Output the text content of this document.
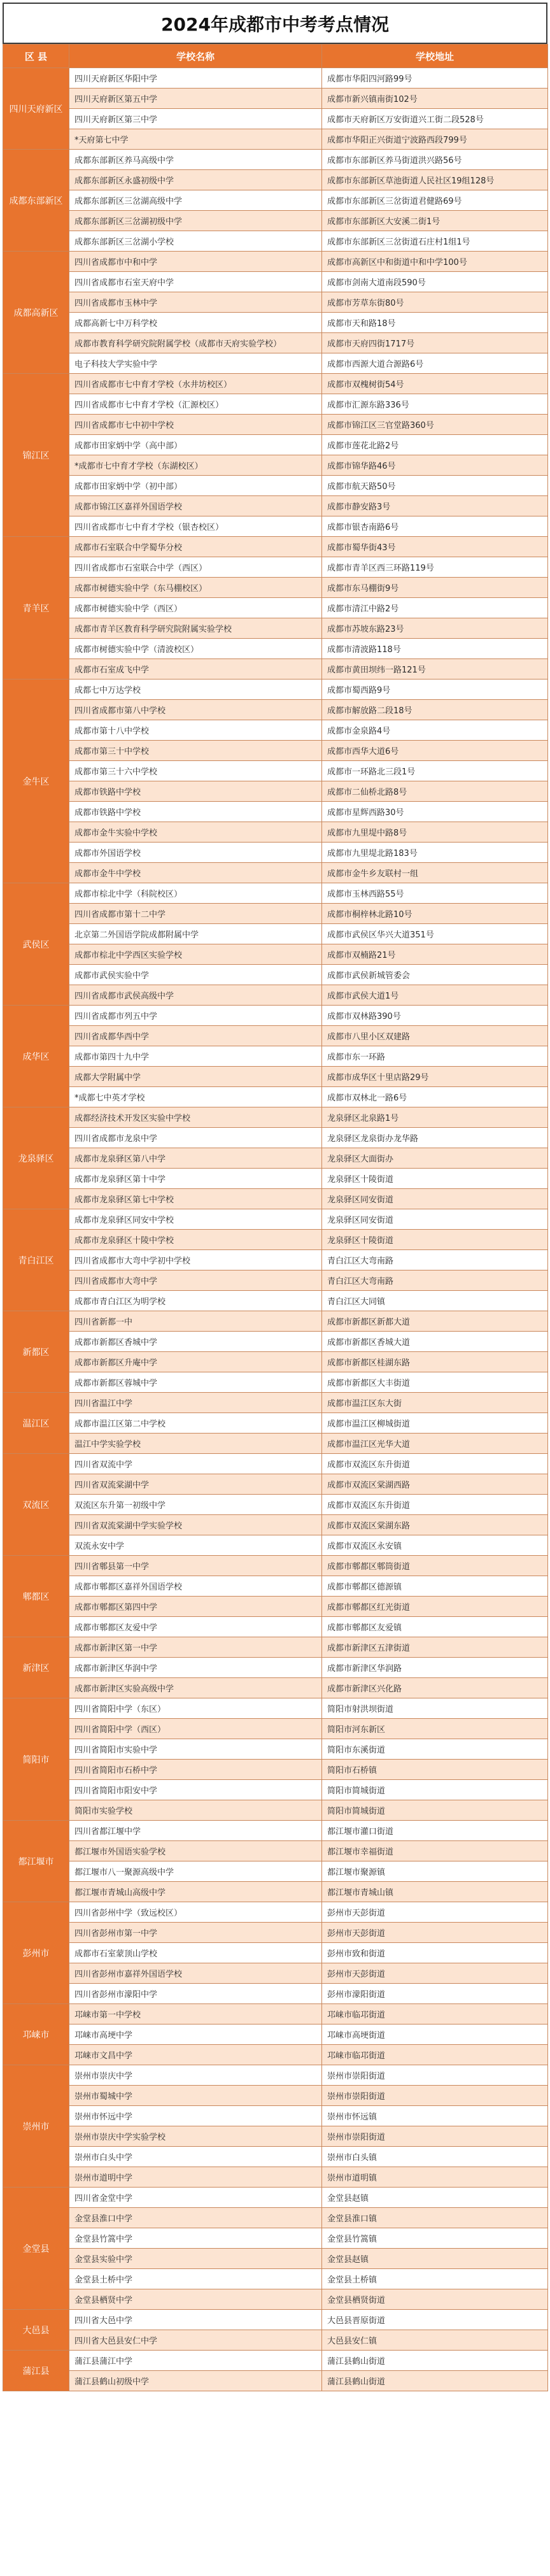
2024年成都市中考考点情况
区 县	学校名称	学校地址
四川天府新区	四川天府新区华阳中学	成都市华阳四河路99号
	四川天府新区第五中学	成都市新兴镇南街102号
	四川天府新区第三中学	成都市天府新区万安街道兴工街二段528号
	*天府第七中学	成都市华阳正兴街道宁波路西段799号
成都东部新区	成都东部新区养马高级中学	成都市东部新区养马街道洪兴路56号
	成都东部新区永盛初级中学	成都市东部新区草池街道人民社区19组128号
	成都东部新区三岔湖高级中学	成都市东部新区三岔街道君健路69号
	成都东部新区三岔湖初级中学	成都市东部新区大安溪二街1号
	成都东部新区三岔湖小学校	成都市东部新区三岔街道石庄村1组1号
成都高新区	四川省成都市中和中学	成都市高新区中和街道中和中学100号
	四川省成都市石室天府中学	成都市剑南大道南段590号
	四川省成都市玉林中学	成都市芳草东街80号
	成都高新七中万科学校	成都市天和路18号
	成都市教育科学研究院附属学校（成都市天府实验学校）	成都市天府四街1717号
	电子科技大学实验中学	成都市西源大道合源路6号
锦江区	四川省成都市七中育才学校（水井坊校区）	成都市双槐树街54号
	四川省成都市七中育才学校（汇源校区）	成都市汇源东路336号
	四川省成都市七中初中学校	成都市锦江区三官堂路360号
	成都市田家炳中学（高中部）	成都市莲花北路2号
	*成都市七中育才学校（东湖校区）	成都市锦华路46号
	成都市田家炳中学（初中部）	成都市航天路50号
	成都市锦江区嘉祥外国语学校	成都市静安路3号
	四川省成都市七中育才学校（银杏校区）	成都市银杏南路6号
青羊区	成都市石室联合中学蜀华分校	成都市蜀华街43号
	四川省成都市石室联合中学（西区）	成都市青羊区西三环路119号
	成都市树德实验中学（东马棚校区）	成都市东马棚街9号
	成都市树德实验中学（西区）	成都市清江中路2号
	成都市青羊区教育科学研究院附属实验学校	成都市苏坡东路23号
	成都市树德实验中学（清波校区）	成都市清波路118号
	成都市石室成飞中学	成都市黄田坝纬一路121号
金牛区	成都七中万达学校	成都市蜀西路9号
	四川省成都市第八中学校	成都市解放路二段18号
	成都市第十八中学校	成都市金泉路4号
	成都市第三十中学校	成都市西华大道6号
	成都市第三十六中学校	成都市一环路北三段1号
	成都市铁路中学校	成都市二仙桥北路8号
	成都市铁路中学校	成都市星辉西路30号
	成都市金牛实验中学校	成都市九里堤中路8号
	成都市外国语学校	成都市九里堤北路183号
	成都市金牛中学校	成都市金牛乡友联村一组
武侯区	成都市棕北中学（科院校区）	成都市玉林西路55号
	四川省成都市第十二中学	成都市桐梓林北路10号
	北京第二外国语学院成都附属中学	成都市武侯区华兴大道351号
	成都市棕北中学西区实验学校	成都市双楠路21号
	成都市武侯实验中学	成都市武侯新城管委会
	四川省成都市武侯高级中学	成都市武侯大道1号
成华区	四川省成都市列五中学	成都市双林路390号
	四川省成都华西中学	成都市八里小区双建路
	成都市第四十九中学	成都市东一环路
	成都大学附属中学	成都市成华区十里店路29号
	*成都七中英才学校	成都市双林北一路6号
龙泉驿区	成都经济技术开发区实验中学校	龙泉驿区北泉路1号
	四川省成都市龙泉中学	龙泉驿区龙泉街办龙华路
	成都市龙泉驿区第八中学	龙泉驿区大面街办
	成都市龙泉驿区第十中学	龙泉驿区十陵街道
	成都市龙泉驿区第七中学校	龙泉驿区同安街道
青白江区	成都市龙泉驿区同安中学校	龙泉驿区同安街道
	成都市龙泉驿区十陵中学校	龙泉驿区十陵街道
	四川省成都市大弯中学初中学校	青白江区大弯南路
	四川省成都市大弯中学	青白江区大弯南路
	成都市青白江区为明学校	青白江区大同镇
新都区	四川省新都一中	成都市新都区新都大道
	成都市新都区香城中学	成都市新都区香城大道
	成都市新都区升庵中学	成都市新都区桂湖东路
	成都市新都区蓉城中学	成都市新都区大丰街道
温江区	四川省温江中学	成都市温江区东大街
	成都市温江区第二中学校	成都市温江区柳城街道
	温江中学实验学校	成都市温江区光华大道
双流区	四川省双流中学	成都市双流区东升街道
	四川省双流棠湖中学	成都市双流区棠湖西路
	双流区东升第一初级中学	成都市双流区东升街道
	四川省双流棠湖中学实验学校	成都市双流区棠湖东路
	双流永安中学	成都市双流区永安镇
郫都区	四川省郫县第一中学	成都市郫都区郫筒街道
	成都市郫都区嘉祥外国语学校	成都市郫都区德源镇
	成都市郫都区第四中学	成都市郫都区红光街道
	成都市郫都区友爱中学	成都市郫都区友爱镇
新津区	成都市新津区第一中学	成都市新津区五津街道
	成都市新津区华润中学	成都市新津区华润路
	成都市新津区实验高级中学	成都市新津区兴化路
简阳市	四川省简阳中学（东区）	简阳市射洪坝街道
	四川省简阳中学（西区）	简阳市河东新区
	四川省简阳市实验中学	简阳市东溪街道
	四川省简阳市石桥中学	简阳市石桥镇
	四川省简阳市阳安中学	简阳市简城街道
	简阳市实验学校	简阳市简城街道
都江堰市	四川省都江堰中学	都江堰市灌口街道
	都江堰市外国语实验学校	都江堰市幸福街道
	都江堰市八一聚源高级中学	都江堰市聚源镇
	都江堰市青城山高级中学	都江堰市青城山镇
彭州市	四川省彭州中学（致远校区）	彭州市天彭街道
	四川省彭州市第一中学	彭州市天彭街道
	成都市石室蒙顶山学校	彭州市致和街道
	四川省彭州市嘉祥外国语学校	彭州市天彭街道
	四川省彭州市濛阳中学	彭州市濛阳街道
邛崃市	邛崃市第一中学校	邛崃市临邛街道
	邛崃市高埂中学	邛崃市高埂街道
	邛崃市文昌中学	邛崃市临邛街道
崇州市	崇州市崇庆中学	崇州市崇阳街道
	崇州市蜀城中学	崇州市崇阳街道
	崇州市怀远中学	崇州市怀远镇
	崇州市崇庆中学实验学校	崇州市崇阳街道
	崇州市白头中学	崇州市白头镇
	崇州市道明中学	崇州市道明镇
金堂县	四川省金堂中学	金堂县赵镇
	金堂县淮口中学	金堂县淮口镇
	金堂县竹篙中学	金堂县竹篙镇
	金堂县实验中学	金堂县赵镇
	金堂县土桥中学	金堂县土桥镇
	金堂县栖贤中学	金堂县栖贤街道
大邑县	四川省大邑中学	大邑县晋原街道
	四川省大邑县安仁中学	大邑县安仁镇
蒲江县	蒲江县蒲江中学	蒲江县鹤山街道
	蒲江县鹤山初级中学	蒲江县鹤山街道
